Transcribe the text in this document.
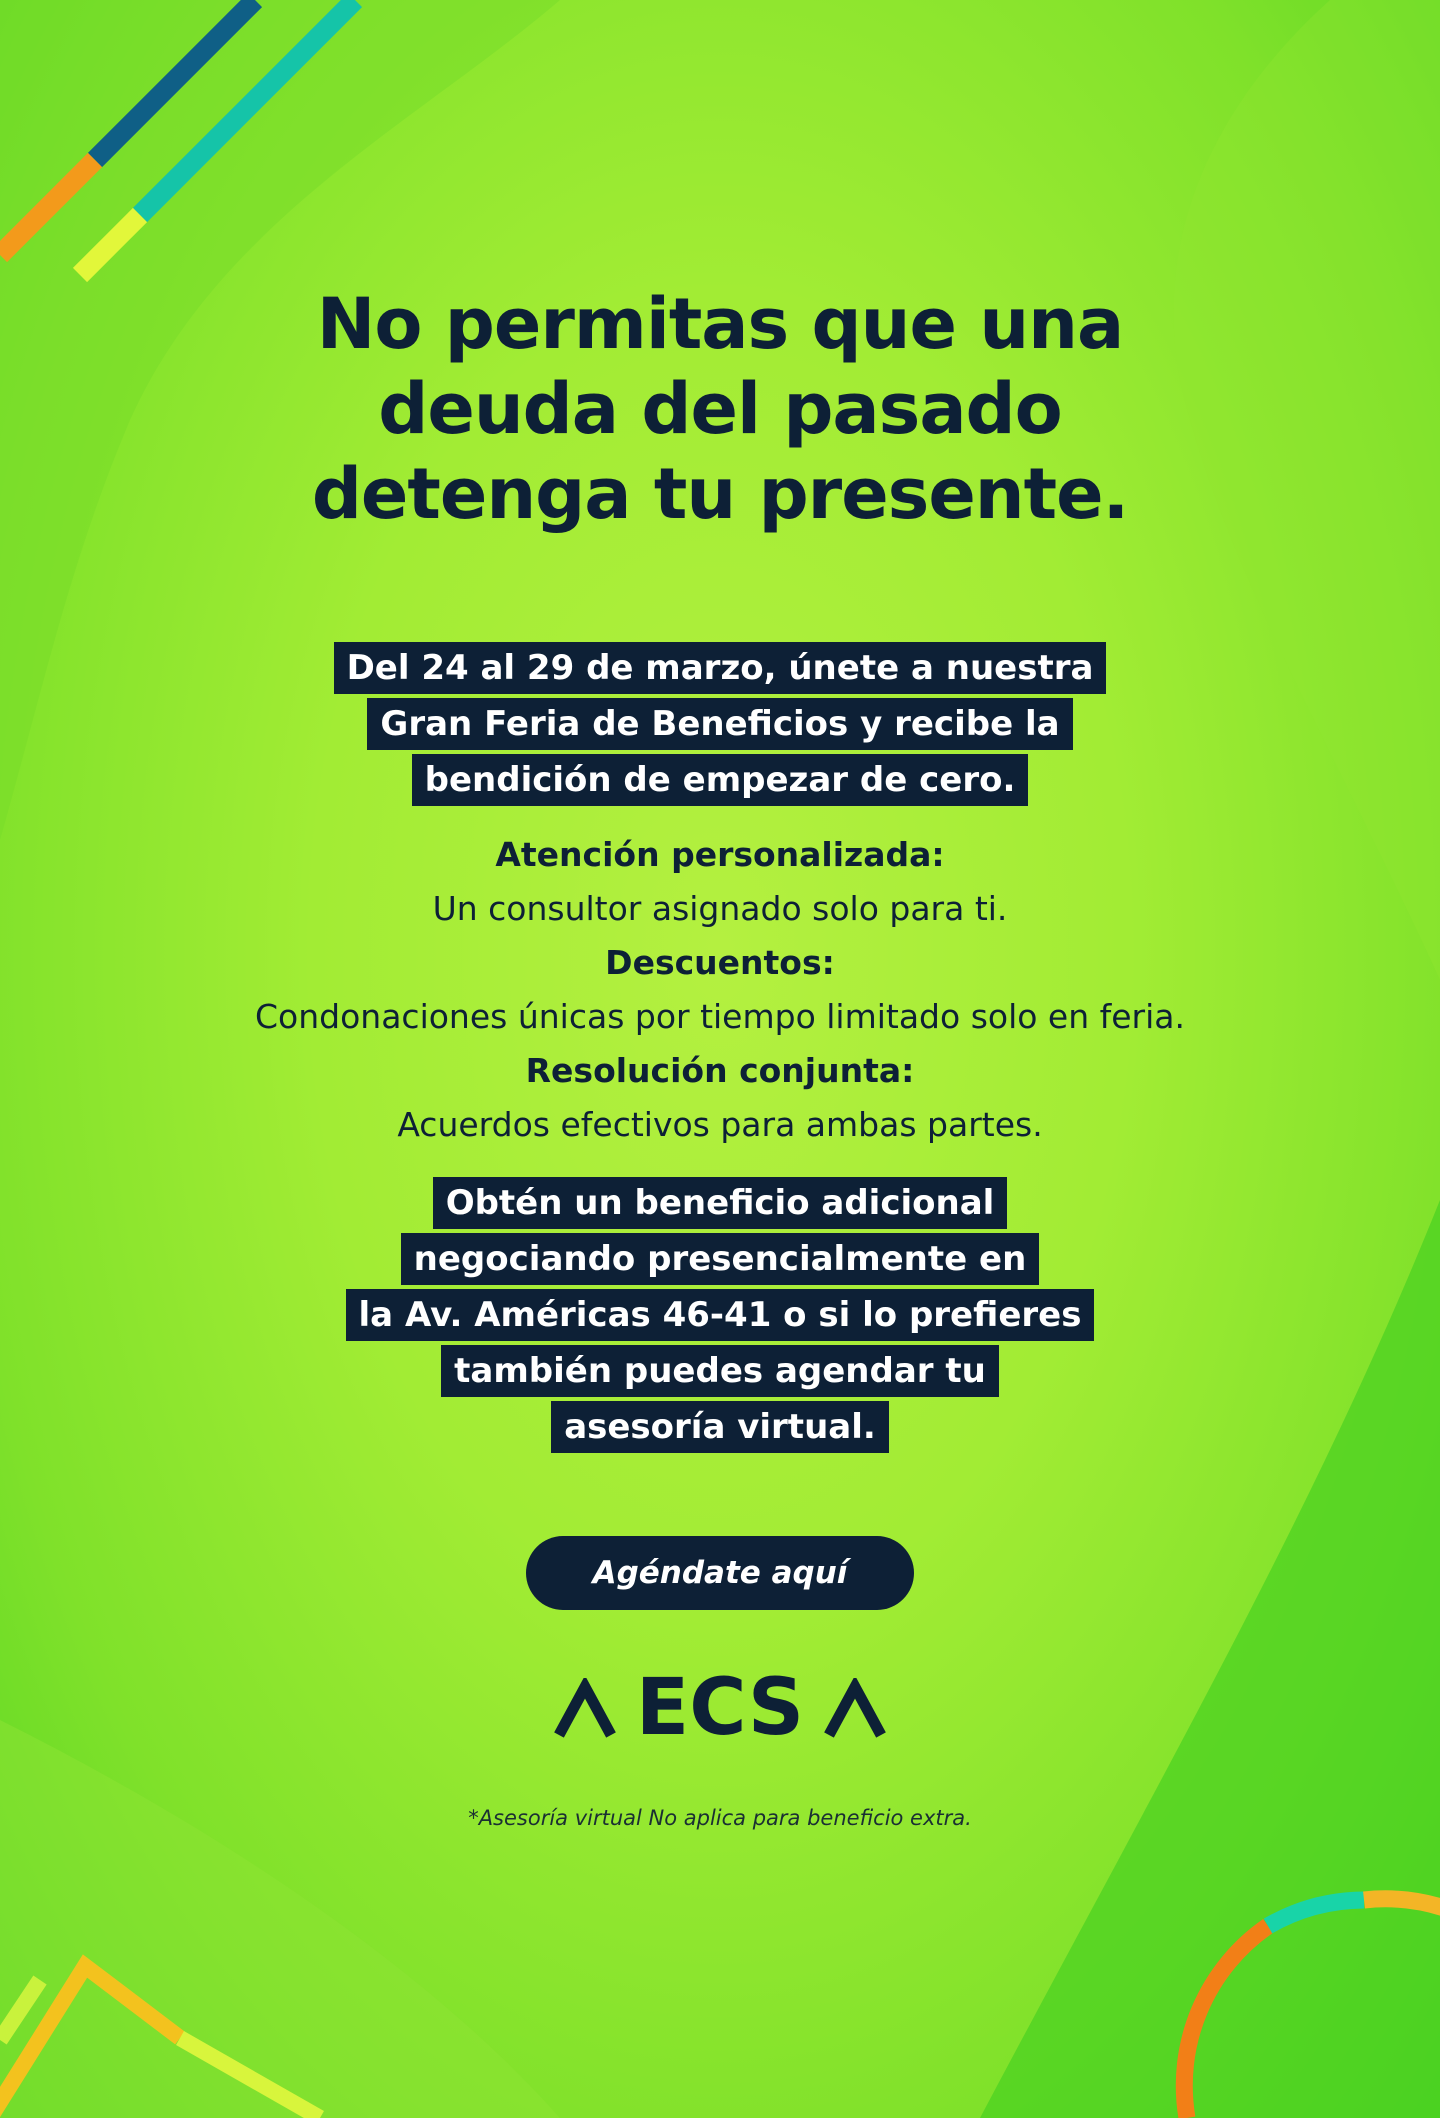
No permitas que una
deuda del pasado
detenga tu presente.
Del 24 al 29 de marzo, únete a nuestra
Gran Feria de Beneficios y recibe la
bendición de empezar de cero.
Atención personalizada:
Un consultor asignado solo para ti.
Descuentos:
Condonaciones únicas por tiempo limitado solo en feria.
Resolución conjunta:
Acuerdos efectivos para ambas partes.
Obtén un beneficio adicional
negociando presencialmente en
la Av. Américas 46-41 o si lo prefieres
también puedes agendar tu
asesoría virtual.
Agéndate aquí
ECS
*Asesoría virtual No aplica para beneficio extra.
